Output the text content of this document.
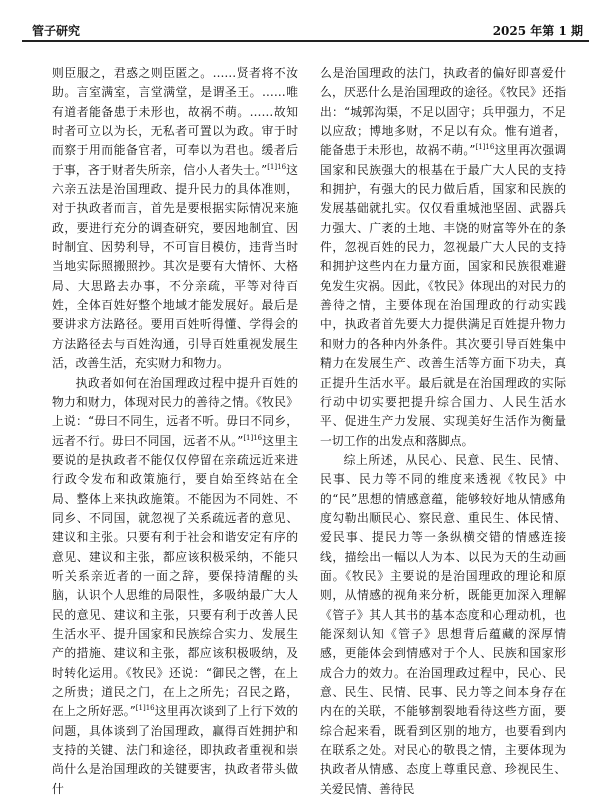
管子研究	2025 年第 1 期

则臣服之，君惑之则臣匿之。……贤者将不汝助。言室满室，言堂满堂，是谓圣王。……唯有道者能备患于未形也，故祸不萌。……故知时者可立以为长，无私者可置以为政。审于时而察于用而能备官者，可奉以为君也。缓者后于事，吝于财者失所亲，信小人者失士。”$^{[1]16}$这六亲五法是治国理政、提升民力的具体准则，对于执政者而言，首先是要根据实际情况来施政，要进行充分的调查研究，要因地制宜、因时制宜、因势利导，不可盲目模仿，违背当时当地实际照搬照抄。其次是要有大情怀、大格局、大思路去办事，不分亲疏，平等对待百姓，全体百姓好整个地域才能发展好。最后是要讲求方法路径。要用百姓听得懂、学得会的方法路径去与百姓沟通，引导百姓重视发展生活，改善生活，充实财力和物力。

执政者如何在治国理政过程中提升百姓的物力和财力，体现对民力的善待之情。《牧民》上说：“毋曰不同生，远者不听。毋曰不同乡，远者不行。毋曰不同国，远者不从。”$^{[1]16}$这里主要说的是执政者不能仅仅停留在亲疏远近来进行政令发布和政策施行，要自始至终站在全局、整体上来执政施策。不能因为不同姓、不同乡、不同国，就忽视了关系疏远者的意见、建议和主张。只要有利于社会和谐安定有序的意见、建议和主张，都应该积极采纳，不能只听关系亲近者的一面之辞，要保持清醒的头脑，认识个人思维的局限性，多吸纳最广大人民的意见、建议和主张，只要有利于改善人民生活水平、提升国家和民族综合实力、发展生产的措施、建议和主张，都应该积极吸纳，及时转化运用。《牧民》还说：“御民之辔，在上之所贵；道民之门，在上之所先；召民之路，在上之所好恶。”$^{[1]16}$这里再次谈到了上行下效的问题，具体谈到了治国理政，赢得百姓拥护和支持的关键、法门和途径，即执政者重视和崇尚什么是治国理政的关键要害，执政者带头做什

么是治国理政的法门，执政者的偏好即喜爱什么，厌恶什么是治国理政的途径。《牧民》还指出：“城郭沟渠，不足以固守；兵甲强力，不足以应敌；博地多财，不足以有众。惟有道者，能备患于未形也，故祸不萌。”$^{[1]16}$这里再次强调国家和民族强大的根基在于最广大人民的支持和拥护，有强大的民力做后盾，国家和民族的发展基础就扎实。仅仅看重城池坚固、武器兵力强大、广袤的土地、丰饶的财富等外在的条件，忽视百姓的民力，忽视最广大人民的支持和拥护这些内在力量方面，国家和民族很难避免发生灾祸。因此，《牧民》体现出的对民力的善待之情，主要体现在治国理政的行动实践中，执政者首先要大力提供满足百姓提升物力和财力的各种内外条件。其次要引导百姓集中精力在发展生产、改善生活等方面下功夫，真正提升生活水平。最后就是在治国理政的实际行动中切实要把提升综合国力、人民生活水平、促进生产力发展、实现美好生活作为衡量一切工作的出发点和落脚点。

综上所述，从民心、民意、民生、民情、民事、民力等不同的维度来透视《牧民》中的“民”思想的情感意蕴，能够较好地从情感角度勾勒出顺民心、察民意、重民生、体民情、爱民事、提民力等一条纵横交错的情感连接线，描绘出一幅以人为本、以民为天的生动画面。《牧民》主要说的是治国理政的理论和原则，从情感的视角来分析，既能更加深入理解《管子》其人其书的基本态度和心理动机，也能深刻认知《管子》思想背后蕴藏的深厚情感，更能体会到情感对于个人、民族和国家形成合力的效力。在治国理政过程中，民心、民意、民生、民情、民事、民力等之间本身存在内在的关联，不能够割裂地看待这些方面，要综合起来看，既看到区别的地方，也要看到内在联系之处。对民心的敬畏之情，主要体现为执政者从情感、态度上尊重民意、珍视民生、关爱民情、善待民
